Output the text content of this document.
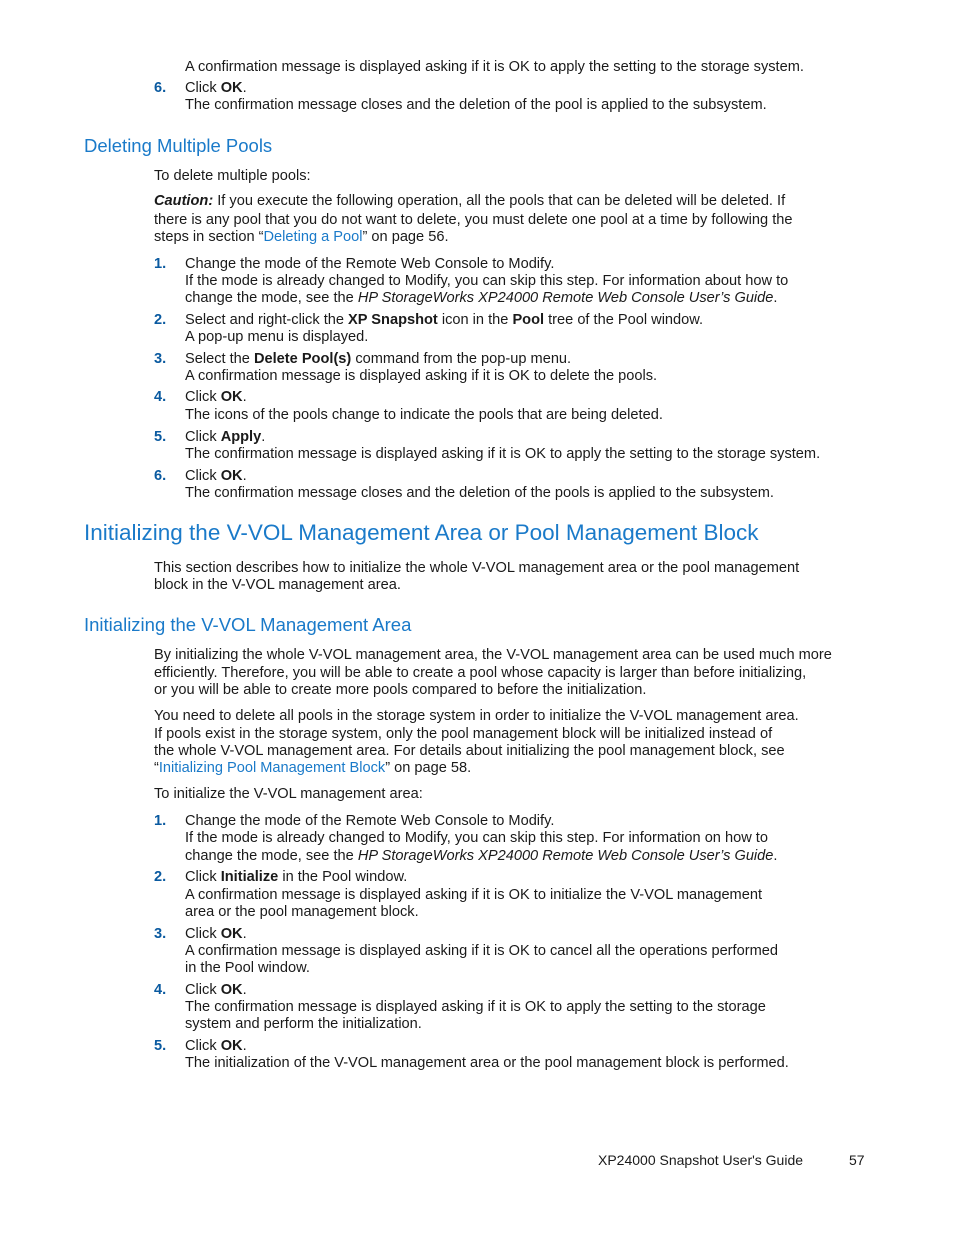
A confirmation message is displayed asking if it is OK to apply the setting to the storage system.
6. Click OK.
The confirmation message closes and the deletion of the pool is applied to the subsystem.
Deleting Multiple Pools
To delete multiple pools:
Caution: If you execute the following operation, all the pools that can be deleted will be deleted. If
there is any pool that you do not want to delete, you must delete one pool at a time by following the
steps in section “Deleting a Pool” on page 56.
1. Change the mode of the Remote Web Console to Modify.
If the mode is already changed to Modify, you can skip this step. For information about how to
change the mode, see the HP StorageWorks XP24000 Remote Web Console User’s Guide.
2. Select and right-click the XP Snapshot icon in the Pool tree of the Pool window.
A pop-up menu is displayed.
3. Select the Delete Pool(s) command from the pop-up menu.
A confirmation message is displayed asking if it is OK to delete the pools.
4. Click OK.
The icons of the pools change to indicate the pools that are being deleted.
5. Click Apply.
The confirmation message is displayed asking if it is OK to apply the setting to the storage system.
6. Click OK.
The confirmation message closes and the deletion of the pools is applied to the subsystem.
Initializing the V-VOL Management Area or Pool Management Block
This section describes how to initialize the whole V-VOL management area or the pool management
block in the V-VOL management area.
Initializing the V-VOL Management Area
By initializing the whole V-VOL management area, the V-VOL management area can be used much more
efficiently. Therefore, you will be able to create a pool whose capacity is larger than before initializing,
or you will be able to create more pools compared to before the initialization.
You need to delete all pools in the storage system in order to initialize the V-VOL management area.
If pools exist in the storage system, only the pool management block will be initialized instead of
the whole V-VOL management area. For details about initializing the pool management block, see
“Initializing Pool Management Block” on page 58.
To initialize the V-VOL management area:
1. Change the mode of the Remote Web Console to Modify.
If the mode is already changed to Modify, you can skip this step. For information on how to
change the mode, see the HP StorageWorks XP24000 Remote Web Console User’s Guide.
2. Click Initialize in the Pool window.
A confirmation message is displayed asking if it is OK to initialize the V-VOL management
area or the pool management block.
3. Click OK.
A confirmation message is displayed asking if it is OK to cancel all the operations performed
in the Pool window.
4. Click OK.
The confirmation message is displayed asking if it is OK to apply the setting to the storage
system and perform the initialization.
5. Click OK.
The initialization of the V-VOL management area or the pool management block is performed.
XP24000 Snapshot User's Guide	57
